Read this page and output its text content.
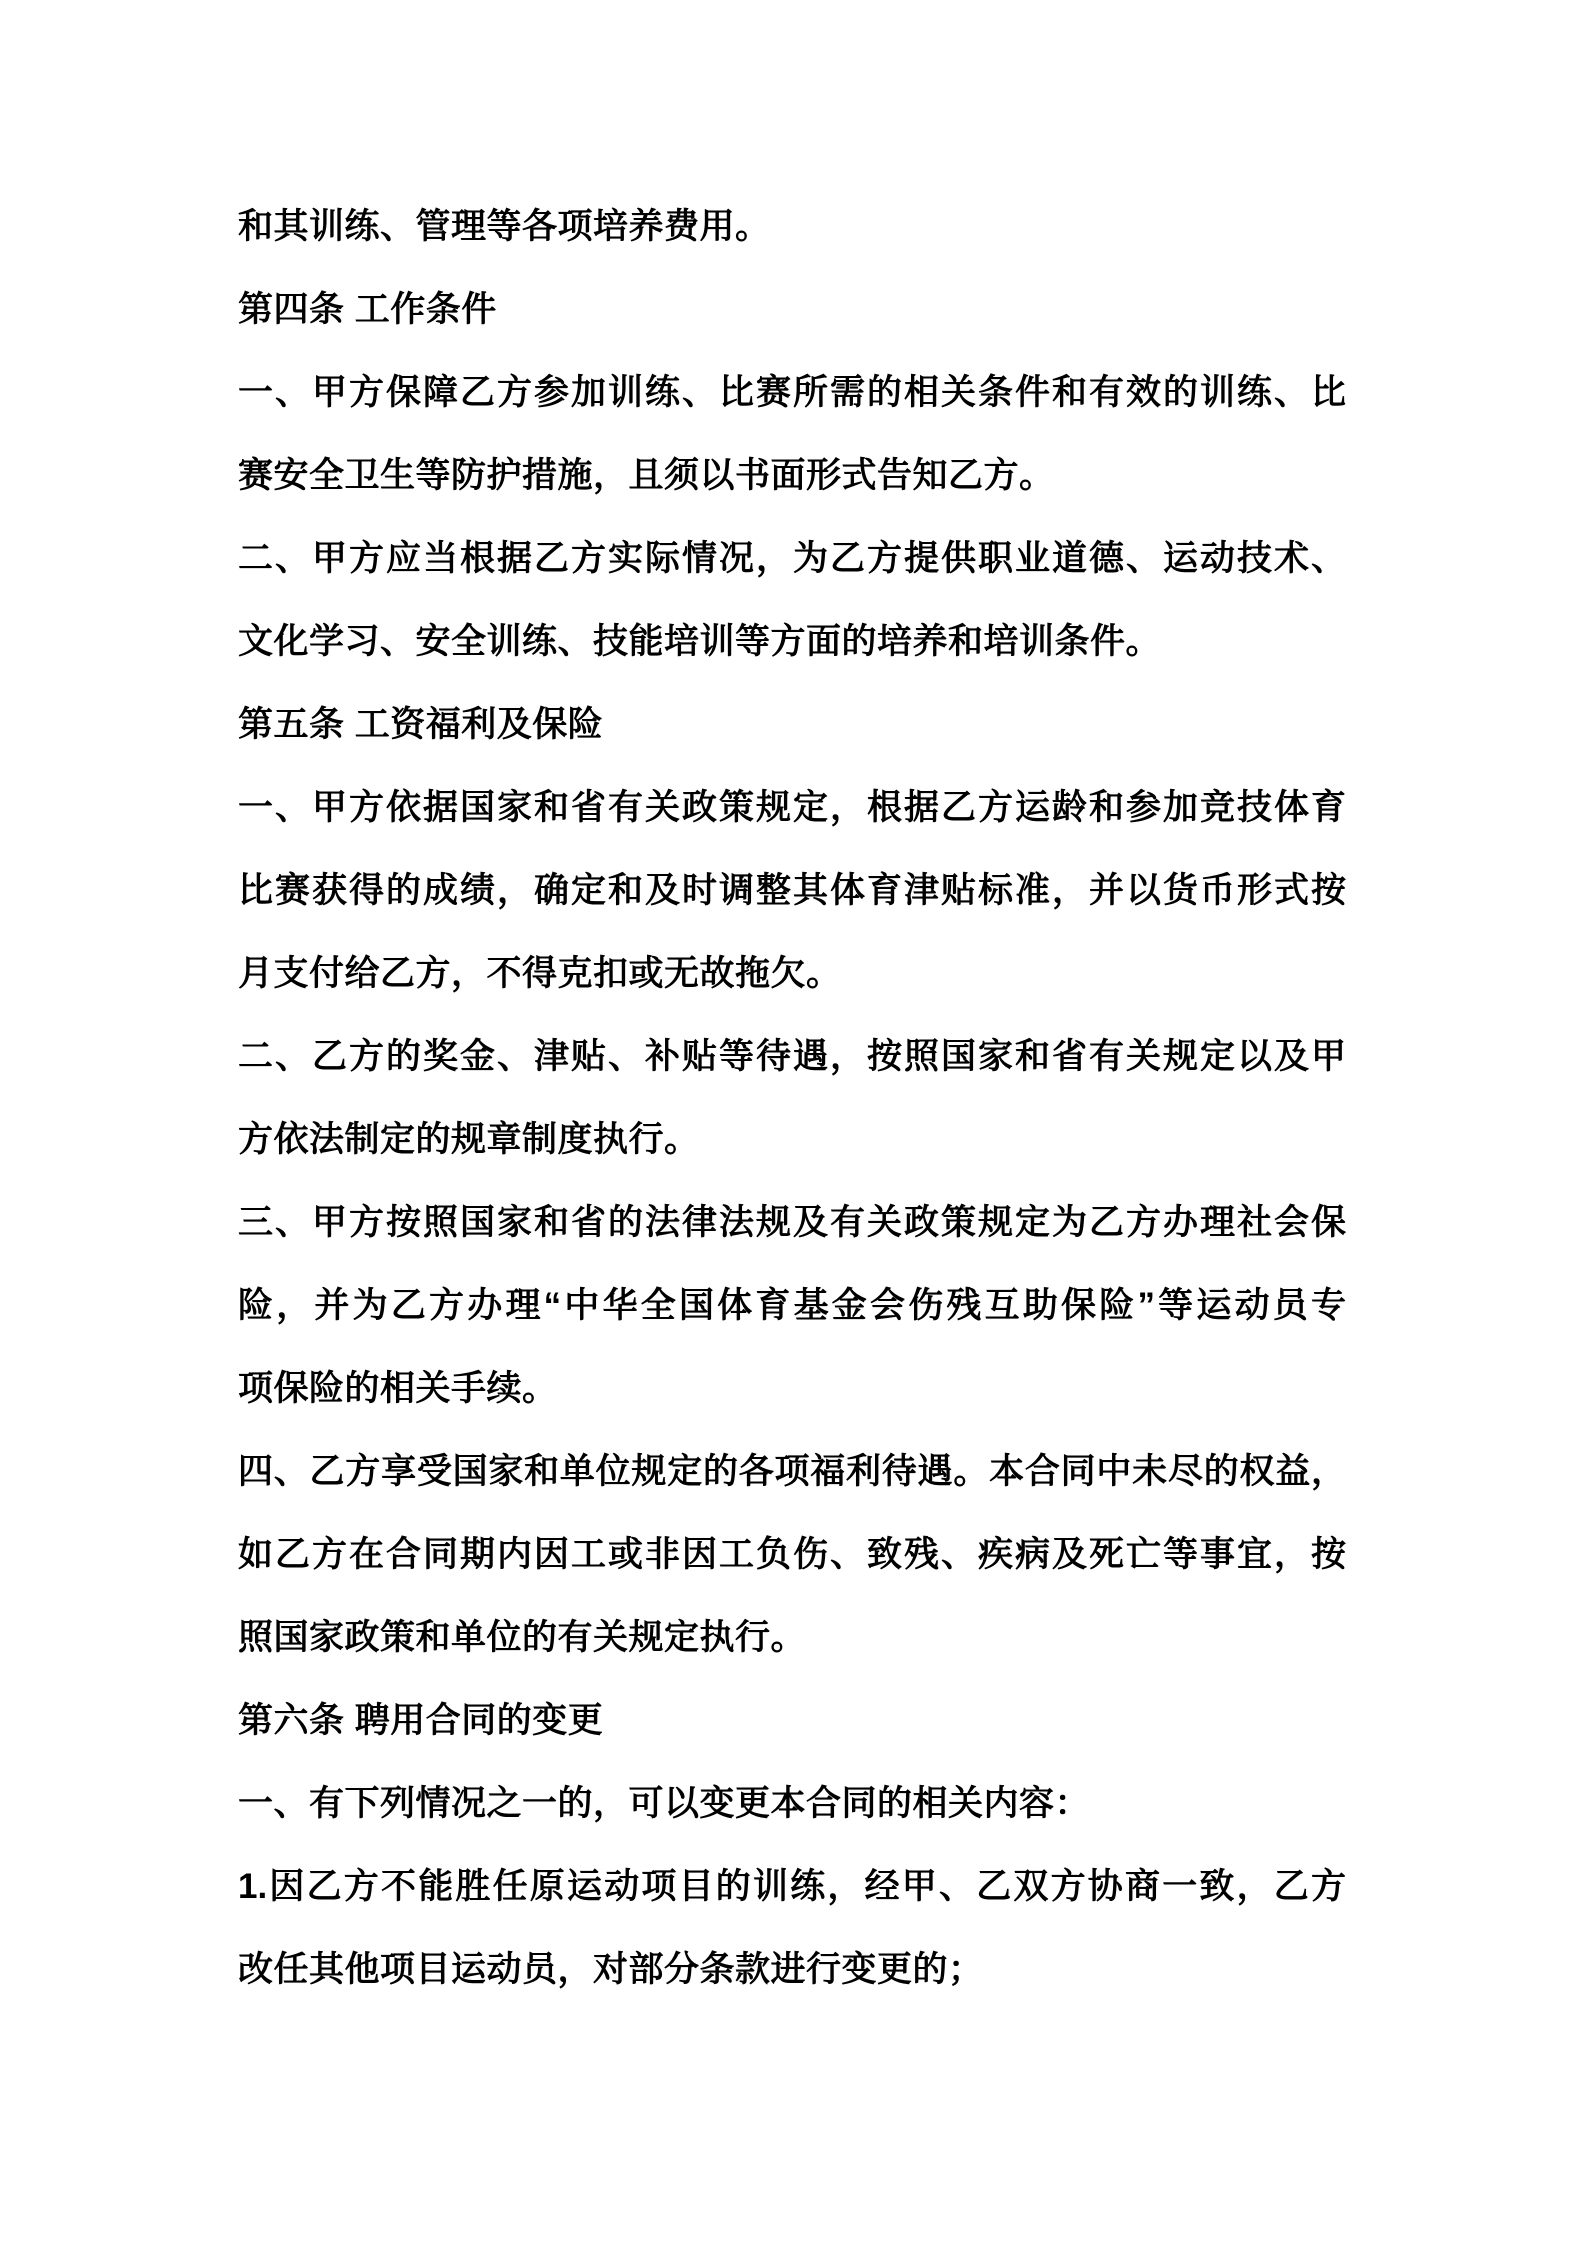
和其训练、管理等各项培养费用。
第四条 工作条件
一、甲方保障乙方参加训练、比赛所需的相关条件和有效的训练、比
赛安全卫生等防护措施，且须以书面形式告知乙方。
二、甲方应当根据乙方实际情况，为乙方提供职业道德、运动技术、
文化学习、安全训练、技能培训等方面的培养和培训条件。
第五条 工资福利及保险
一、甲方依据国家和省有关政策规定，根据乙方运龄和参加竞技体育
比赛获得的成绩，确定和及时调整其体育津贴标准，并以货币形式按
月支付给乙方，不得克扣或无故拖欠。
二、乙方的奖金、津贴、补贴等待遇，按照国家和省有关规定以及甲
方依法制定的规章制度执行。
三、甲方按照国家和省的法律法规及有关政策规定为乙方办理社会保
险，并为乙方办理“中华全国体育基金会伤残互助保险”等运动员专
项保险的相关手续。
四、乙方享受国家和单位规定的各项福利待遇。本合同中未尽的权益，
如乙方在合同期内因工或非因工负伤、致残、疾病及死亡等事宜，按
照国家政策和单位的有关规定执行。
第六条 聘用合同的变更
一、有下列情况之一的，可以变更本合同的相关内容：
1.因乙方不能胜任原运动项目的训练，经甲、乙双方协商一致，乙方
改任其他项目运动员，对部分条款进行变更的；
